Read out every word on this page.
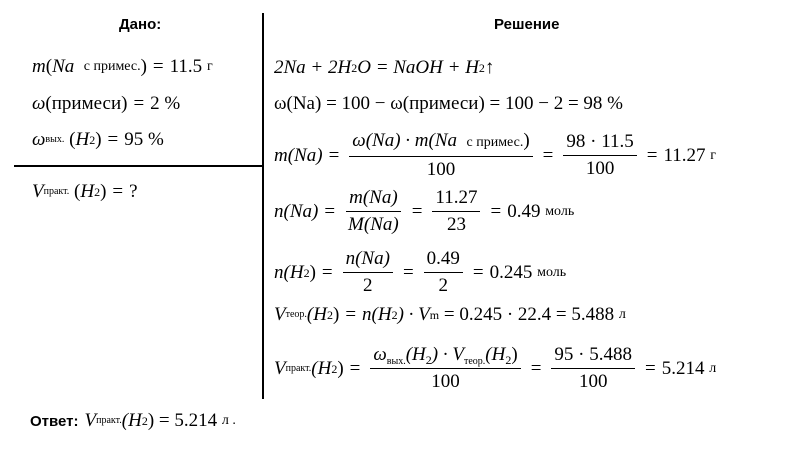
Дано:	Решение
m ( Na
с примес. ) = 11.5
г
ω ( примеси ) = 2 %
ω вых. ( H 2 ) = 95 %
V практ. ( H 2 ) = ?
2Na + 2H 2 O = NaOH + H 2 ↑
ω(Na) = 100 − ω(примеси) = 100 − 2 = 98 %
$m(Na) = \frac{\text{ω(Na) · m(Na с примес.)}}{100} = \frac{98 \cdot 11.5}{100} = 11.27$
г
$n(Na) = \frac{m(Na)}{M(Na)} = \frac{11.27}{23} = 0.49$
моль
n(H 2 ) = $\frac{n(Na)}{2} = \frac{0.49}{2} = 0.245$
моль
V теор. (H 2 ) = n(H 2 ) · V m
= 0.245 · 22.4 = 5.488
л
V практ. (H 2 ) = $\frac{\omega_{вых.}(H_2) \cdot V_{теор.}(H_2)}{100} = \frac{95 \cdot 5.488}{100} = 5.214$
л
Ответ: V практ. (H 2 )
= 5.214
л .
